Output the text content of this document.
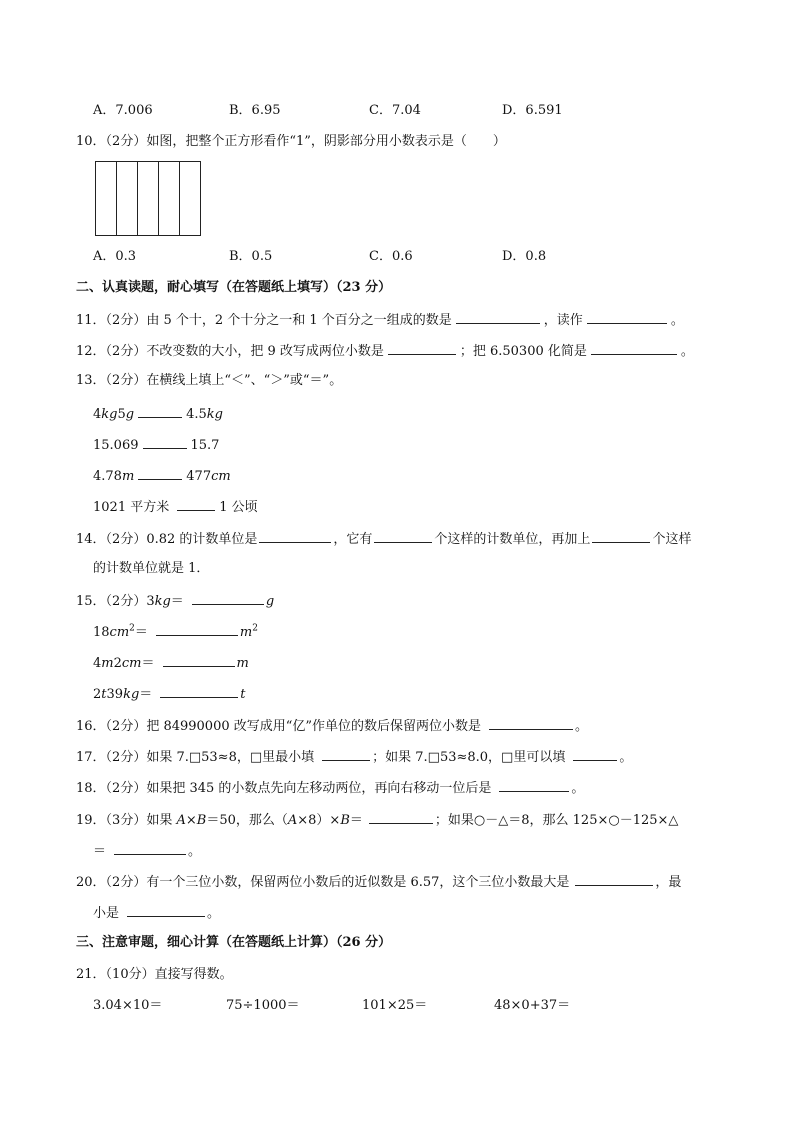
A．7.006	B．6.95	C．7.04	D．6.591
10．（2分）如图，把整个正方形看作“1”，阴影部分用小数表示是（　　）
A．0.3	B．0.5	C．0.6	D．0.8
二、认真读题，耐心填写（在答题纸上填写）（23 分）
11．（2分）由 5 个十，2 个十分之一和 1 个百分之一组成的数是	，读作	。
12．（2分）不改变数的大小，把 9 改写成两位小数是	；把 6.50300 化简是	。
13．（2分）在横线上填上“＜”、“＞”或“＝”。
4kg5g	4.5kg
15.069	15.7
4.78m	477cm
1021 平方米	1 公顷
14．（2分）0.82 的计数单位是	，它有	个这样的计数单位，再加上	个这样
的计数单位就是 1．
15．（2分）3kg＝	g
$18cm^2=$	$m^2$
4m2cm＝	m
2t39kg＝	t
16．（2分）把 84990000 改写成用“亿”作单位的数后保留两位小数是	。
17．（2分）如果 7.□53≈8，□里最小填	；如果 7.□53≈8.0，□里可以填	。
18．（2分）如果把 345 的小数点先向左移动两位，再向右移动一位后是	。
19．（3分）如果 A×B＝50，那么（A×8）×B＝	；如果○－△＝8，那么 125×○－125×△
＝	。
20．（2分）有一个三位小数，保留两位小数后的近似数是 6.57，这个三位小数最大是	，最
小是	。
三、注意审题，细心计算（在答题纸上计算）（26 分）
21．（10分）直接写得数。
3.04×10＝	75÷1000＝	101×25＝	48×0+37＝
